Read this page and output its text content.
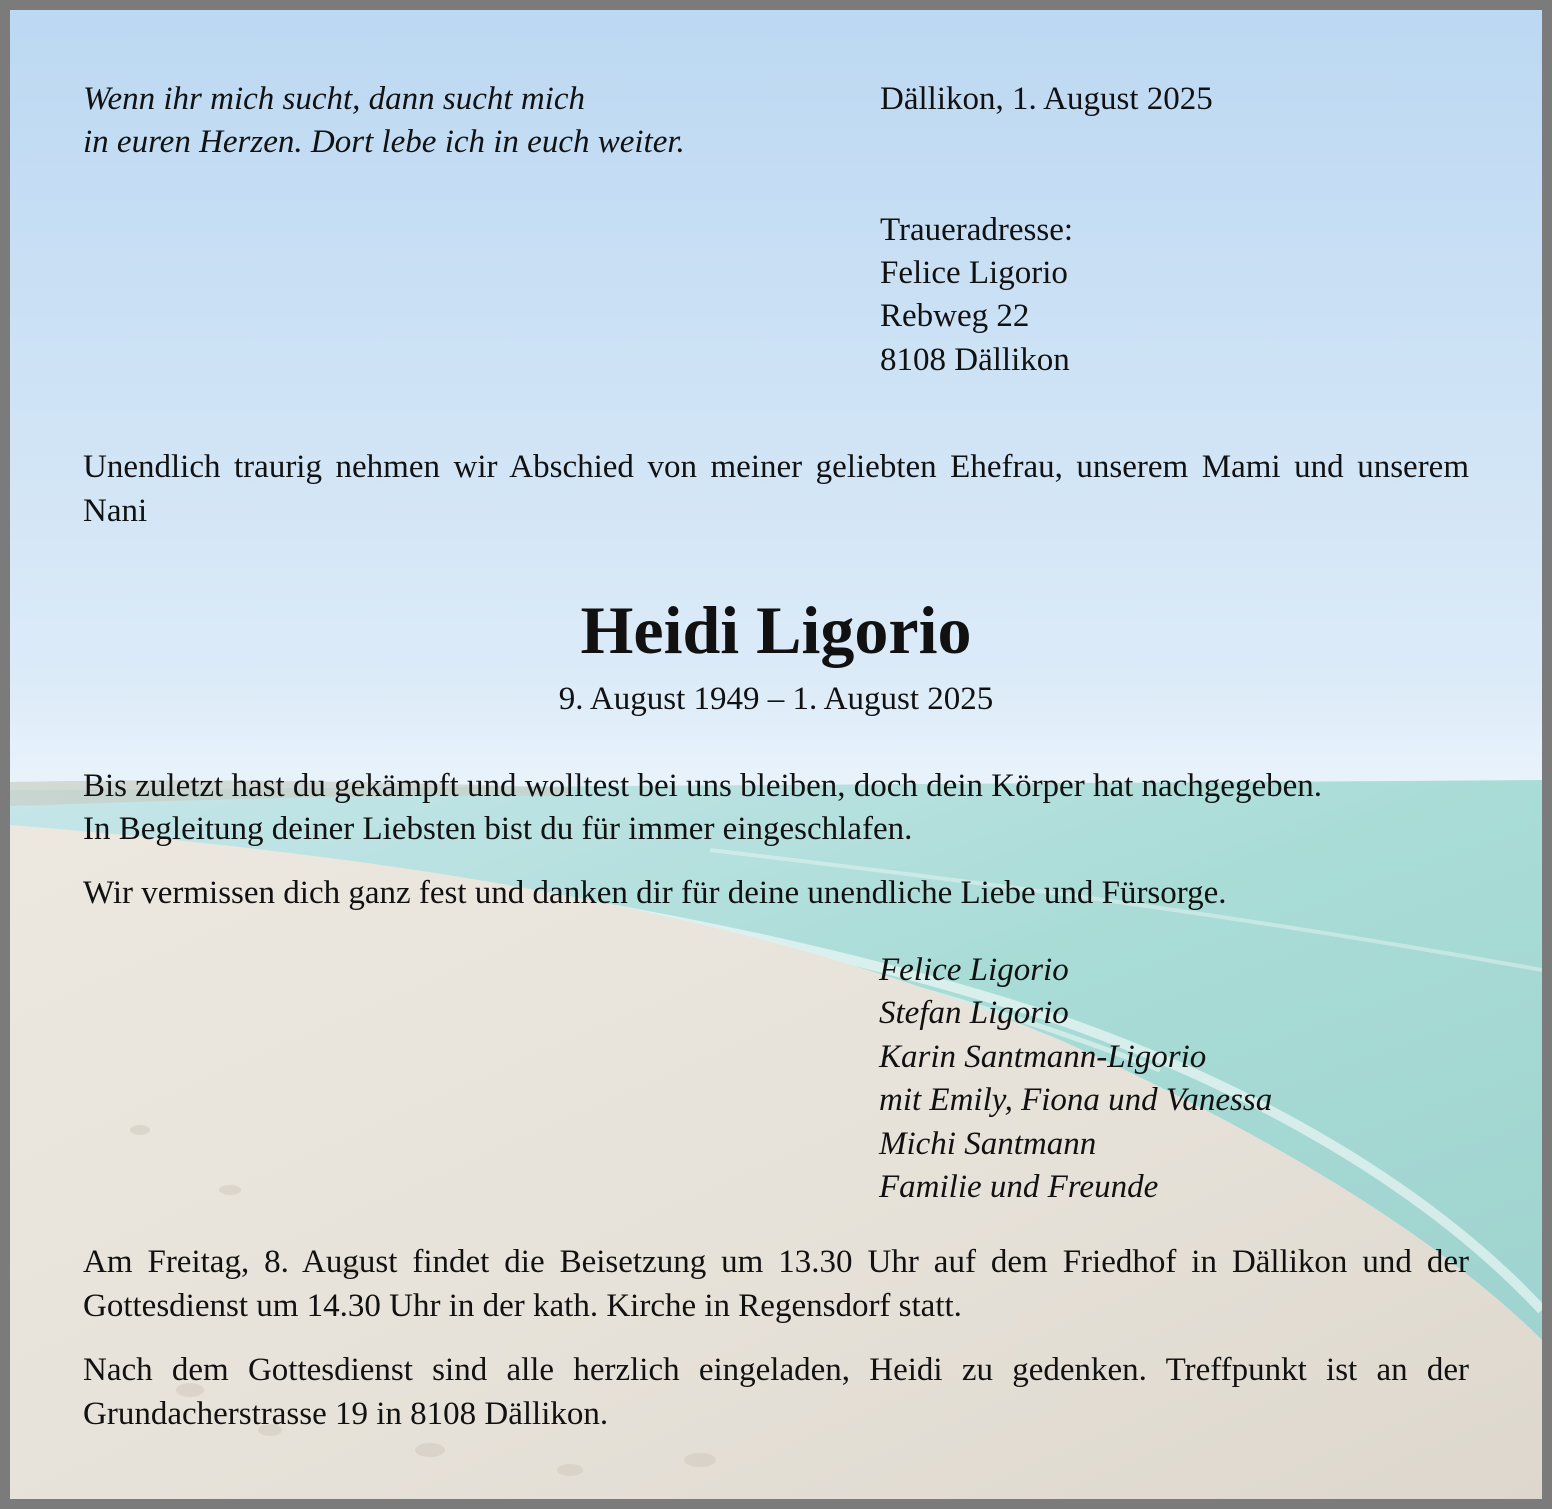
Wenn ihr mich sucht, dann sucht mich
in euren Herzen. Dort lebe ich in euch weiter.
Dällikon, 1. August 2025
Traueradresse:
Felice Ligorio
Rebweg 22
8108 Dällikon
Unendlich traurig nehmen wir Abschied von meiner geliebten Ehefrau, unserem Mami und unserem Nani
Heidi Ligorio
9. August 1949 – 1. August 2025
Bis zuletzt hast du gekämpft und wolltest bei uns bleiben, doch dein Körper hat nachgegeben.
In Begleitung deiner Liebsten bist du für immer eingeschlafen.
Wir vermissen dich ganz fest und danken dir für deine unendliche Liebe und Fürsorge.
Felice Ligorio
Stefan Ligorio
Karin Santmann-Ligorio
mit Emily, Fiona und Vanessa
Michi Santmann
Familie und Freunde
Am Freitag, 8. August findet die Beisetzung um 13.30 Uhr auf dem Friedhof in Dällikon und der Gottesdienst um 14.30 Uhr in der kath. Kirche in Regensdorf statt.
Nach dem Gottesdienst sind alle herzlich eingeladen, Heidi zu gedenken. Treffpunkt ist an der Grundacherstrasse 19 in 8108 Dällikon.
